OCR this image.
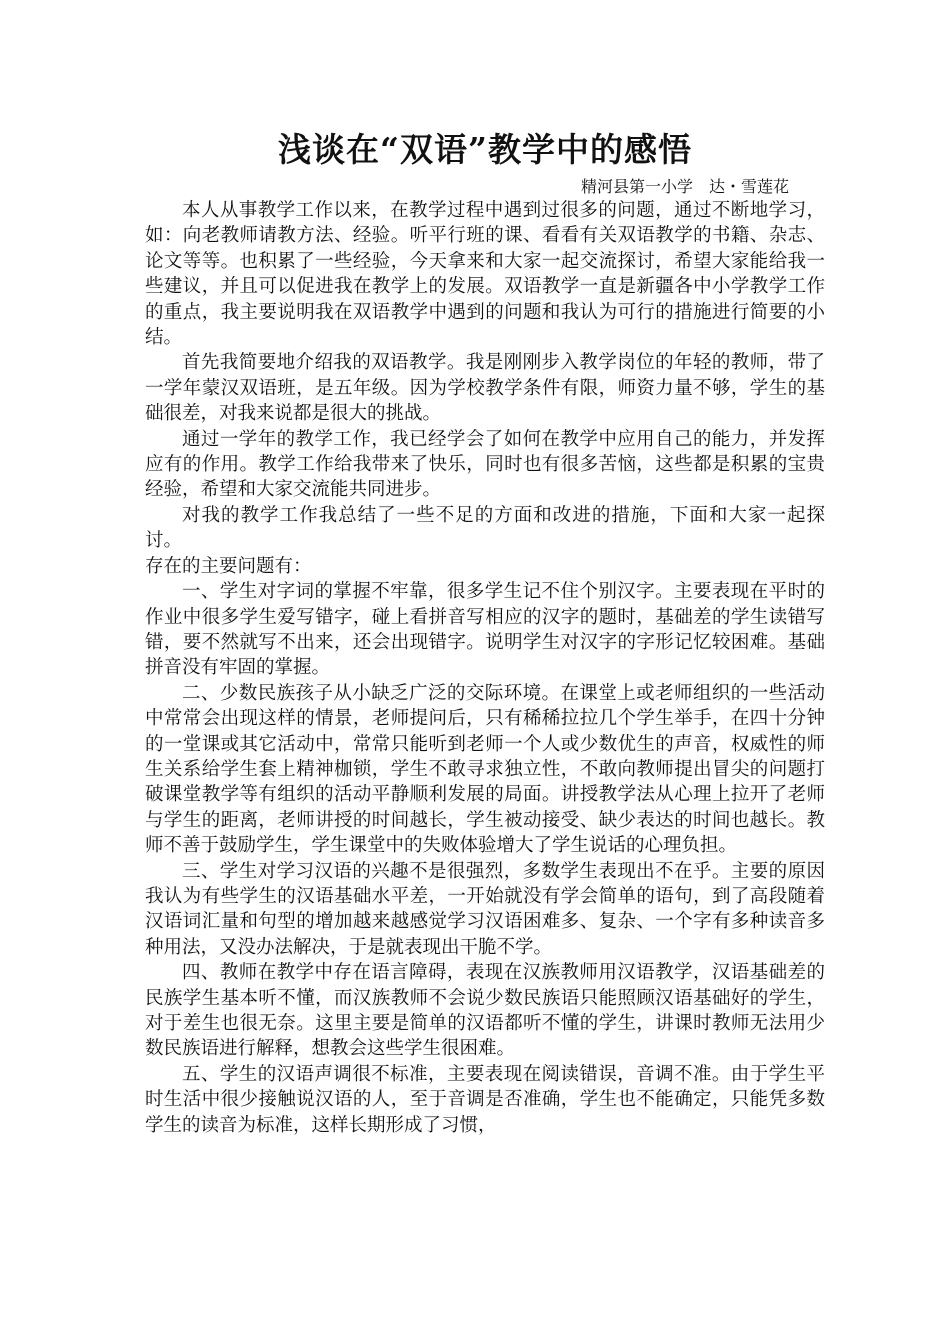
浅谈在“双语”教学中的感悟

精河县第一小学　达・雪莲花

本人从事教学工作以来，在教学过程中遇到过很多的问题，通过不断地学习，如：向老教师请教方法、经验。听平行班的课、看看有关双语教学的书籍、杂志、论文等等。也积累了一些经验，今天拿来和大家一起交流探讨，希望大家能给我一些建议，并且可以促进我在教学上的发展。双语教学一直是新疆各中小学教学工作的重点，我主要说明我在双语教学中遇到的问题和我认为可行的措施进行简要的小结。

首先我简要地介绍我的双语教学。我是刚刚步入教学岗位的年轻的教师，带了一学年蒙汉双语班，是五年级。因为学校教学条件有限，师资力量不够，学生的基础很差，对我来说都是很大的挑战。

通过一学年的教学工作，我已经学会了如何在教学中应用自己的能力，并发挥应有的作用。教学工作给我带来了快乐，同时也有很多苦恼，这些都是积累的宝贵经验，希望和大家交流能共同进步。

对我的教学工作我总结了一些不足的方面和改进的措施，下面和大家一起探讨。

存在的主要问题有：

一、学生对字词的掌握不牢靠，很多学生记不住个别汉字。主要表现在平时的作业中很多学生爱写错字，碰上看拼音写相应的汉字的题时，基础差的学生读错写错，要不然就写不出来，还会出现错字。说明学生对汉字的字形记忆较困难。基础拼音没有牢固的掌握。

二、少数民族孩子从小缺乏广泛的交际环境。在课堂上或老师组织的一些活动中常常会出现这样的情景，老师提问后，只有稀稀拉拉几个学生举手，在四十分钟的一堂课或其它活动中，常常只能听到老师一个人或少数优生的声音，权威性的师生关系给学生套上精神枷锁，学生不敢寻求独立性，不敢向教师提出冒尖的问题打破课堂教学等有组织的活动平静顺利发展的局面。讲授教学法从心理上拉开了老师与学生的距离，老师讲授的时间越长，学生被动接受、缺少表达的时间也越长。教师不善于鼓励学生，学生课堂中的失败体验增大了学生说话的心理负担。

三、学生对学习汉语的兴趣不是很强烈，多数学生表现出不在乎。主要的原因我认为有些学生的汉语基础水平差，一开始就没有学会简单的语句，到了高段随着汉语词汇量和句型的增加越来越感觉学习汉语困难多、复杂、一个字有多种读音多种用法，又没办法解决，于是就表现出干脆不学。

四、教师在教学中存在语言障碍，表现在汉族教师用汉语教学，汉语基础差的民族学生基本听不懂，而汉族教师不会说少数民族语只能照顾汉语基础好的学生，对于差生也很无奈。这里主要是简单的汉语都听不懂的学生，讲课时教师无法用少数民族语进行解释，想教会这些学生很困难。

五、学生的汉语声调很不标准，主要表现在阅读错误，音调不准。由于学生平时生活中很少接触说汉语的人，至于音调是否准确，学生也不能确定，只能凭多数学生的读音为标准，这样长期形成了习惯，
